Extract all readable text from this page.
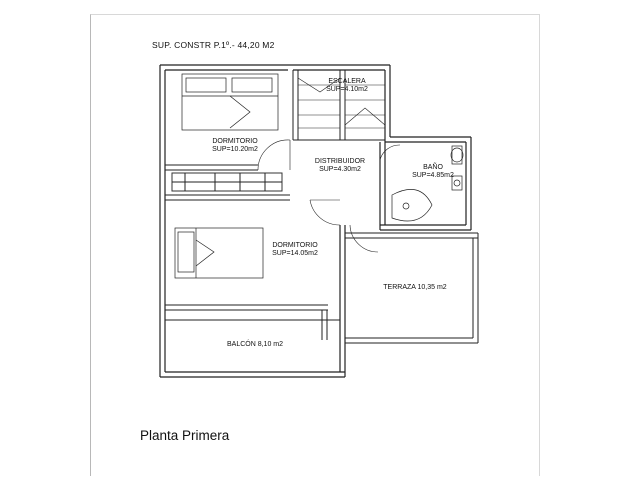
SUP. CONSTR P.1º.- 44,20 M2
DORMITORIO
SUP=10.20m2
ESCALERA
SUP=4.10m2
DISTRIBUIDOR
SUP=4.30m2	BAÑO
SUP=4.85m2
DORMITORIO
SUP=14.05m2
TERRAZA 10,35 m2
BALCÓN 8,10 m2
Planta Primera
